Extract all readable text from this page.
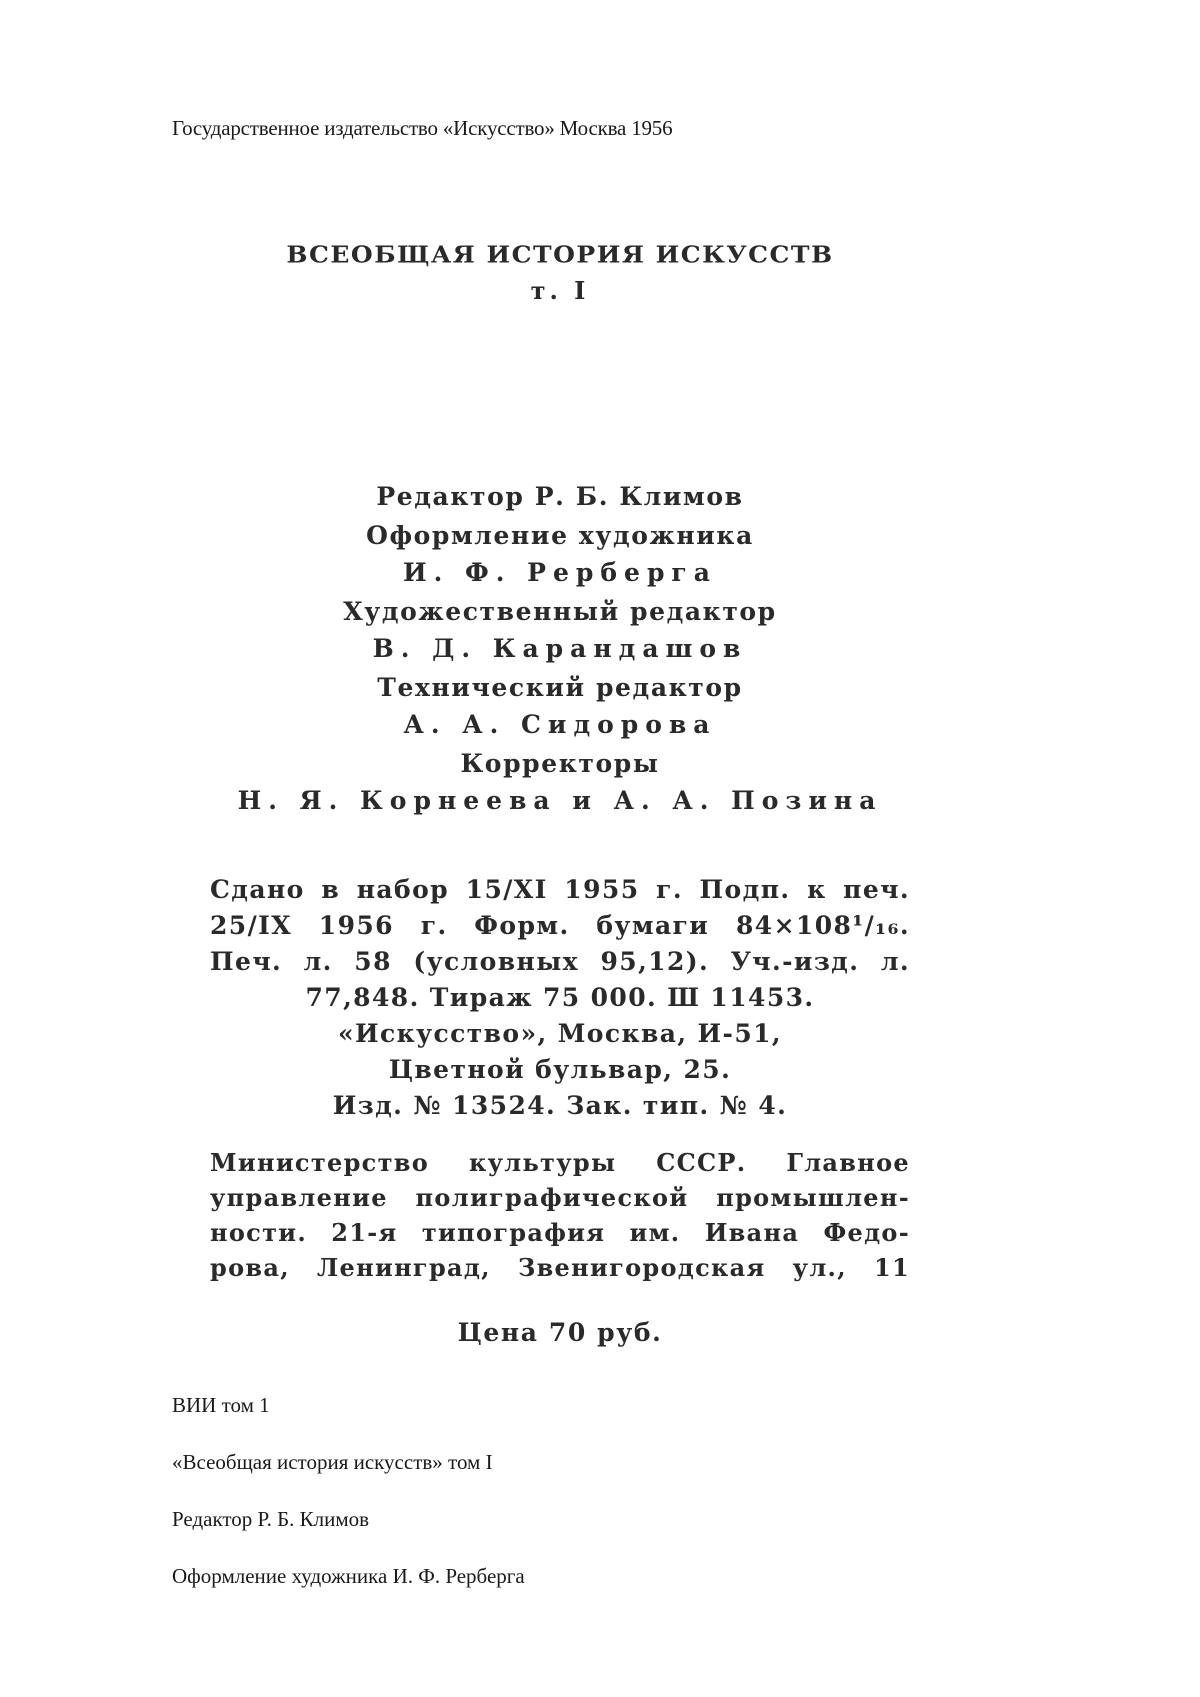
Государственное издательство «Искусство» Москва 1956
ВСЕОБЩАЯ ИСТОРИЯ ИСКУССТВ
т. I
Редактор Р. Б. Климов
Оформление художника
И. Ф. Рерберга
Художественный редактор
В. Д. Карандашов
Технический редактор
А. А. Сидорова
Корректоры
Н. Я. Корнеева и А. А. Позина
Сдано в набор 15/XI 1955 г. Подп. к печ.
25/IX 1956 г. Форм. бумаги 84×108¹/₁₆.
Печ. л. 58 (условных 95,12). Уч.-изд. л.
77,848. Тираж 75 000. Ш 11453.
«Искусство», Москва, И-51,
Цветной бульвар, 25.
Изд. № 13524. Зак. тип. № 4.
Министерство культуры СССР. Главное
управление полиграфической промышлен-
ности. 21-я типография им. Ивана Федо-
рова, Ленинград, Звенигородская ул., 11
Цена 70 руб.
ВИИ том 1
«Всеобщая история искусств» том I
Редактор Р. Б. Климов
Оформление художника И. Ф. Рерберга
